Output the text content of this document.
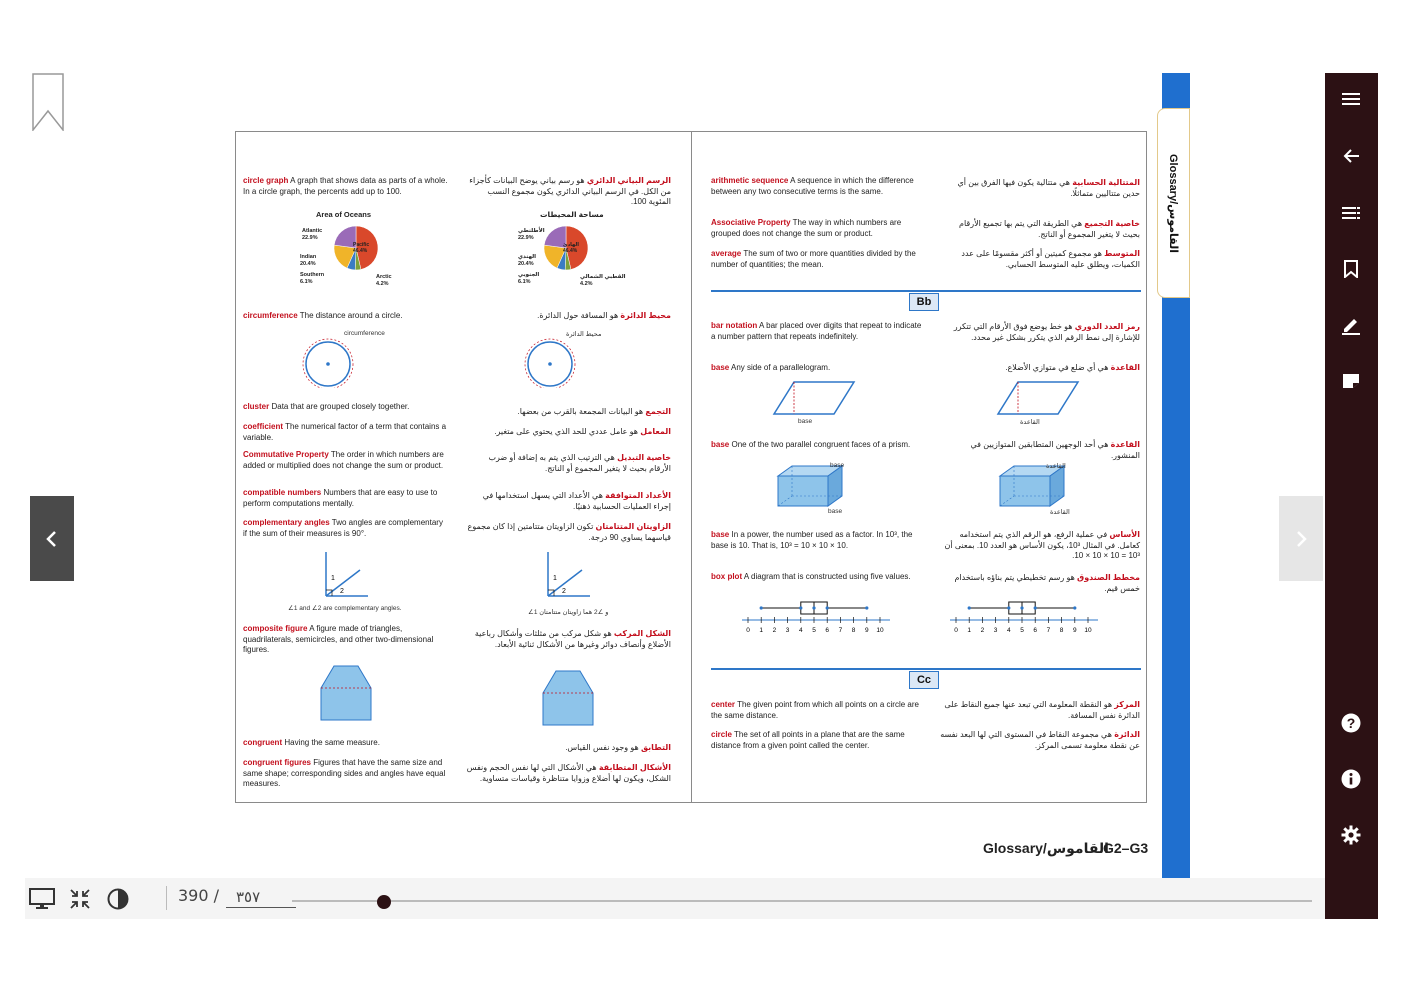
circle graph A graph that shows data as parts of a whole. In a circle graph, the percents add up to 100.
الرسم البياني الدائري هو رسم بياني يوضح البيانات كأجزاء من الكل. في الرسم البياني الدائري يكون مجموع النسب المئوية 100.
Area of Oceans
Atlantic
22.9%
Indian
20.4%
Southern
6.1%
Arctic
4.2%
Pacific
46.4%
مساحة المحيطات
الأطلنطي
22.9%
الهندي
20.4%
الجنوبي
6.1%
القطبي الشمالي
4.2%
الهادئ
46.4%
circumference The distance around a circle.	محيط الدائرة هو المسافة حول الدائرة.
circumference	محيط الدائرة
cluster Data that are grouped closely together.
التجمع هو البيانات المجمعة بالقرب من بعضها.
coefficient The numerical factor of a term that contains a variable.
المعامل هو عامل عددي للحد الذي يحتوي على متغير.
Commutative Property The order in which numbers are added or multiplied does not change the sum or product.
خاصية التبديل هي الترتيب الذي يتم به إضافة أو ضرب الأرقام بحيث لا يتغير المجموع أو الناتج.
compatible numbers Numbers that are easy to use to perform computations mentally.
الأعداد المتوافقة هي الأعداد التي يسهل استخدامها في إجراء العمليات الحسابية ذهنيًا.
complementary angles Two angles are complementary if the sum of their measures is 90°.
الزاويتان المتتامتان تكون الزاويتان متتامتين إذا كان مجموع قياسهما يساوي 90 درجة.
1
2
∠1 and ∠2 are complementary angles.
1
2
∠1 و ∠2 هما زاويتان متتامتان
composite figure A figure made of triangles, quadrilaterals, semicircles, and other two-dimensional figures.
الشكل المركب هو شكل مركب من مثلثات وأشكال رباعية الأضلاع وأنصاف دوائر وغيرها من الأشكال ثنائية الأبعاد.
congruent Having the same measure.
التطابق هو وجود نفس القياس.
congruent figures Figures that have the same size and same shape; corresponding sides and angles have equal measures.
الأشكال المتطابقة هي الأشكال التي لها نفس الحجم ونفس الشكل، ويكون لها أضلاع وزوايا متناظرة وقياسات متساوية.
arithmetic sequence A sequence in which the difference between any two consecutive terms is the same.
المتتالية الحسابية هي متتالية يكون فيها الفرق بين أي حدين متتاليين متماثلًا.
Associative Property The way in which numbers are grouped does not change the sum or product.
خاصية التجميع هي الطريقة التي يتم بها تجميع الأرقام بحيث لا يتغير المجموع أو الناتج.
average The sum of two or more quantities divided by the number of quantities; the mean.
المتوسط هو مجموع كميتين أو أكثر مقسومًا على عدد الكميات، ويطلق عليه المتوسط الحسابي.
Bb
bar notation A bar placed over digits that repeat to indicate a number pattern that repeats indefinitely.
رمز العدد الدوري هو خط يوضع فوق الأرقام التي تتكرر للإشارة إلى نمط الرقم الذي يتكرر بشكل غير محدد.
base Any side of a parallelogram.	القاعدة هي أي ضلع في متوازي الأضلاع.
base	القاعدة
base One of the two parallel congruent faces of a prism.	القاعدة هي أحد الوجهين المتطابقين المتوازيين في المنشور.
base
base
القاعدة
القاعدة
base In a power, the number used as a factor. In 10³, the base is 10. That is, 10³ = 10 × 10 × 10.
الأساس في عملية الرفع، هو الرقم الذي يتم استخدامه كعامل. في المثال 10³، يكون الأساس هو العدد 10. بمعنى أن 10³ = 10 × 10 × 10.
box plot A diagram that is constructed using five values.	مخطط الصندوق هو رسم تخطيطي يتم بناؤه باستخدام خمس قيم.
0 1 2 3 4 5 6 7 8 9 10	0 1 2 3 4 5 6 7 8 9 10
Cc
center The given point from which all points on a circle are the same distance.
المركز هو النقطة المعلومة التي تبعد عنها جميع النقاط على الدائرة نفس المسافة.
circle The set of all points in a plane that are the same distance from a given point called the center.
الدائرة هي مجموعة النقاط في المستوى التي لها البعد نفسه عن نقطة معلومة تسمى المركز.
Glossary/القاموس
Glossary/القاموس
G2–G3
?
390 /
٣٥٧
